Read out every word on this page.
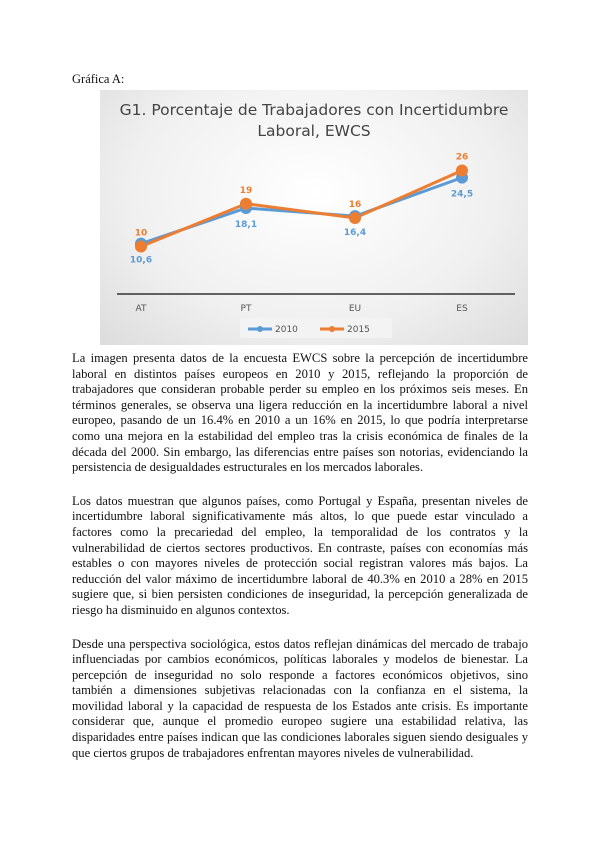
Gráfica A:
G1. Porcentaje de Trabajadores con Incertidumbre
Laboral, EWCS
AT	PT	EU	ES
10,6
18,1
16,4
24,5
10
19
16
26
2010	2015

La imagen presenta datos de la encuesta EWCS sobre la percepción de incertidumbre laboral en distintos países europeos en 2010 y 2015, reflejando la proporción de trabajadores que consideran probable perder su empleo en los próximos seis meses. En términos generales, se observa una ligera reducción en la incertidumbre laboral a nivel europeo, pasando de un 16.4% en 2010 a un 16% en 2015, lo que podría interpretarse como una mejora en la estabilidad del empleo tras la crisis económica de finales de la década del 2000. Sin embargo, las diferencias entre países son notorias, evidenciando la persistencia de desigualdades estructurales en los mercados laborales.

Los datos muestran que algunos países, como Portugal y España, presentan niveles de incertidumbre laboral significativamente más altos, lo que puede estar vinculado a factores como la precariedad del empleo, la temporalidad de los contratos y la vulnerabilidad de ciertos sectores productivos. En contraste, países con economías más estables o con mayores niveles de protección social registran valores más bajos. La reducción del valor máximo de incertidumbre laboral de 40.3% en 2010 a 28% en 2015 sugiere que, si bien persisten condiciones de inseguridad, la percepción generalizada de riesgo ha disminuido en algunos contextos.

Desde una perspectiva sociológica, estos datos reflejan dinámicas del mercado de trabajo influenciadas por cambios económicos, políticas laborales y modelos de bienestar. La percepción de inseguridad no solo responde a factores económicos objetivos, sino también a dimensiones subjetivas relacionadas con la confianza en el sistema, la movilidad laboral y la capacidad de respuesta de los Estados ante crisis. Es importante considerar que, aunque el promedio europeo sugiere una estabilidad relativa, las disparidades entre países indican que las condiciones laborales siguen siendo desiguales y que ciertos grupos de trabajadores enfrentan mayores niveles de vulnerabilidad.
